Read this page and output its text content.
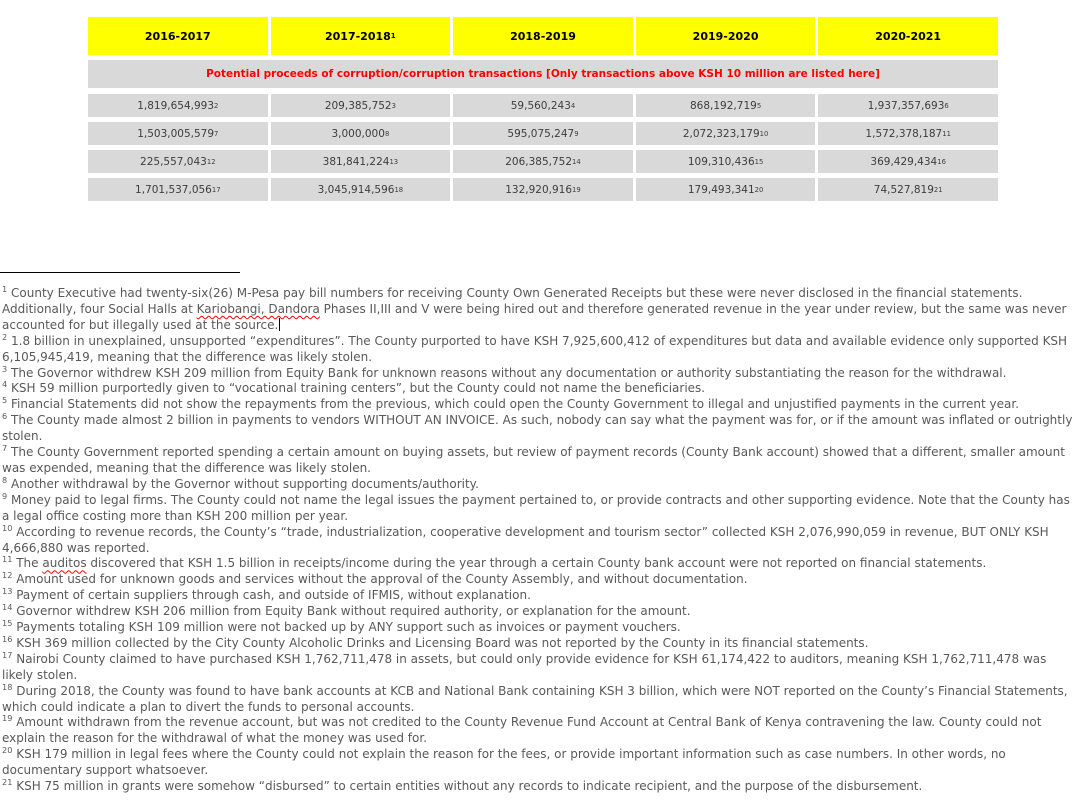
2016-2017	2017-2018 1	2018-2019	2019-2020	2020-2021
Potential proceeds of corruption/corruption transactions [Only transactions above KSH 10 million are listed here]
1,819,654,993 2	209,385,752 3	59,560,243 4	868,192,719 5	1,937,357,693 6
1,503,005,579 7	3,000,000 8	595,075,247 9	2,072,323,179 10	1,572,378,187 11
225,557,043 12	381,841,224 13	206,385,752 14	109,310,436 15	369,429,434 16
1,701,537,056 17	3,045,914,596 18	132,920,916 19	179,493,341 20	74,527,819 21
$^1$ County Executive had twenty-six(26) M-Pesa pay bill numbers for receiving County Own Generated Receipts but these were never disclosed in the financial statements. Additionally, four Social Halls at Kariobangi, Dandora Phases II,III and V were being hired out and therefore generated revenue in the year under review, but the same was never accounted for but illegally used at the source.
$^2$ 1.8 billion in unexplained, unsupported “expenditures”. The County purported to have KSH 7,925,600,412 of expenditures but data and available evidence only supported KSH 6,105,945,419, meaning that the difference was likely stolen.
$^3$ The Governor withdrew KSH 209 million from Equity Bank for unknown reasons without any documentation or authority substantiating the reason for the withdrawal.
$^4$ KSH 59 million purportedly given to “vocational training centers”, but the County could not name the beneficiaries.
$^5$ Financial Statements did not show the repayments from the previous, which could open the County Government to illegal and unjustified payments in the current year.
$^6$ The County made almost 2 billion in payments to vendors WITHOUT AN INVOICE. As such, nobody can say what the payment was for, or if the amount was inflated or outrightly stolen.
$^7$ The County Government reported spending a certain amount on buying assets, but review of payment records (County Bank account) showed that a different, smaller amount was expended, meaning that the difference was likely stolen.
$^8$ Another withdrawal by the Governor without supporting documents/authority.
$^9$ Money paid to legal firms. The County could not name the legal issues the payment pertained to, or provide contracts and other supporting evidence. Note that the County has a legal office costing more than KSH 200 million per year.
$^{10}$ According to revenue records, the County’s “trade, industrialization, cooperative development and tourism sector” collected KSH 2,076,990,059 in revenue, BUT ONLY KSH 4,666,880 was reported.
$^{11}$ The auditos discovered that KSH 1.5 billion in receipts/income during the year through a certain County bank account were not reported on financial statements.
$^{12}$ Amount used for unknown goods and services without the approval of the County Assembly, and without documentation.
$^{13}$ Payment of certain suppliers through cash, and outside of IFMIS, without explanation.
$^{14}$ Governor withdrew KSH 206 million from Equity Bank without required authority, or explanation for the amount.
$^{15}$ Payments totaling KSH 109 million were not backed up by ANY support such as invoices or payment vouchers.
$^{16}$ KSH 369 million collected by the City County Alcoholic Drinks and Licensing Board was not reported by the County in its financial statements.
$^{17}$ Nairobi County claimed to have purchased KSH 1,762,711,478 in assets, but could only provide evidence for KSH 61,174,422 to auditors, meaning KSH 1,762,711,478 was likely stolen.
$^{18}$ During 2018, the County was found to have bank accounts at KCB and National Bank containing KSH 3 billion, which were NOT reported on the County’s Financial Statements, which could indicate a plan to divert the funds to personal accounts.
$^{19}$ Amount withdrawn from the revenue account, but was not credited to the County Revenue Fund Account at Central Bank of Kenya contravening the law. County could not explain the reason for the withdrawal of what the money was used for.
$^{20}$ KSH 179 million in legal fees where the County could not explain the reason for the fees, or provide important information such as case numbers. In other words, no documentary support whatsoever.
$^{21}$ KSH 75 million in grants were somehow “disbursed” to certain entities without any records to indicate recipient, and the purpose of the disbursement.
